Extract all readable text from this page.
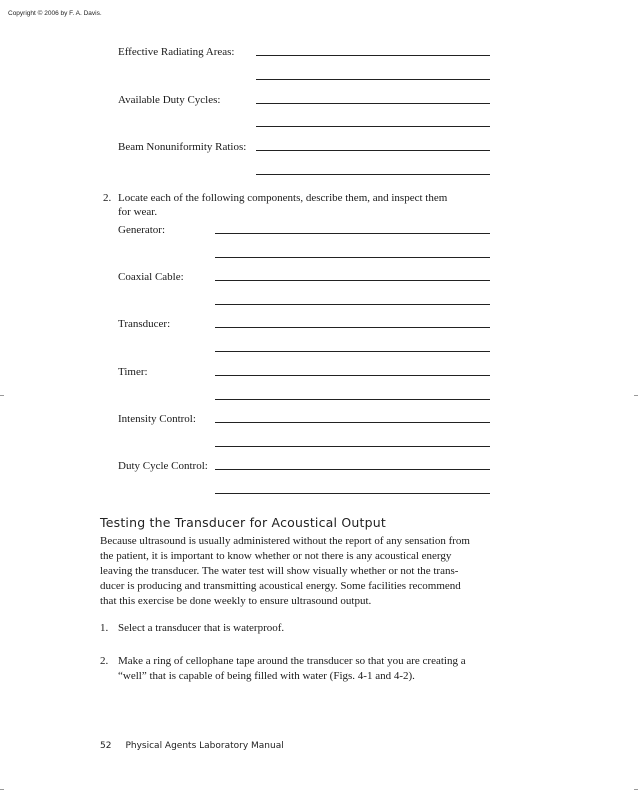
Copyright © 2006 by F. A. Davis.
Effective Radiating Areas:
Available Duty Cycles:
Beam Nonuniformity Ratios:
2. Locate each of the following components, describe them, and inspect them
for wear.
Generator:
Coaxial Cable:
Transducer:
Timer:
Intensity Control:
Duty Cycle Control:
Testing the Transducer for Acoustical Output
Because ultrasound is usually administered without the report of any sensation from
the patient, it is important to know whether or not there is any acoustical energy
leaving the transducer. The water test will show visually whether or not the trans-
ducer is producing and transmitting acoustical energy. Some facilities recommend
that this exercise be done weekly to ensure ultrasound output.
1. Select a transducer that is waterproof.
2. Make a ring of cellophane tape around the transducer so that you are creating a
“well” that is capable of being filled with water (Figs. 4-1 and 4-2).
52 Physical Agents Laboratory Manual
